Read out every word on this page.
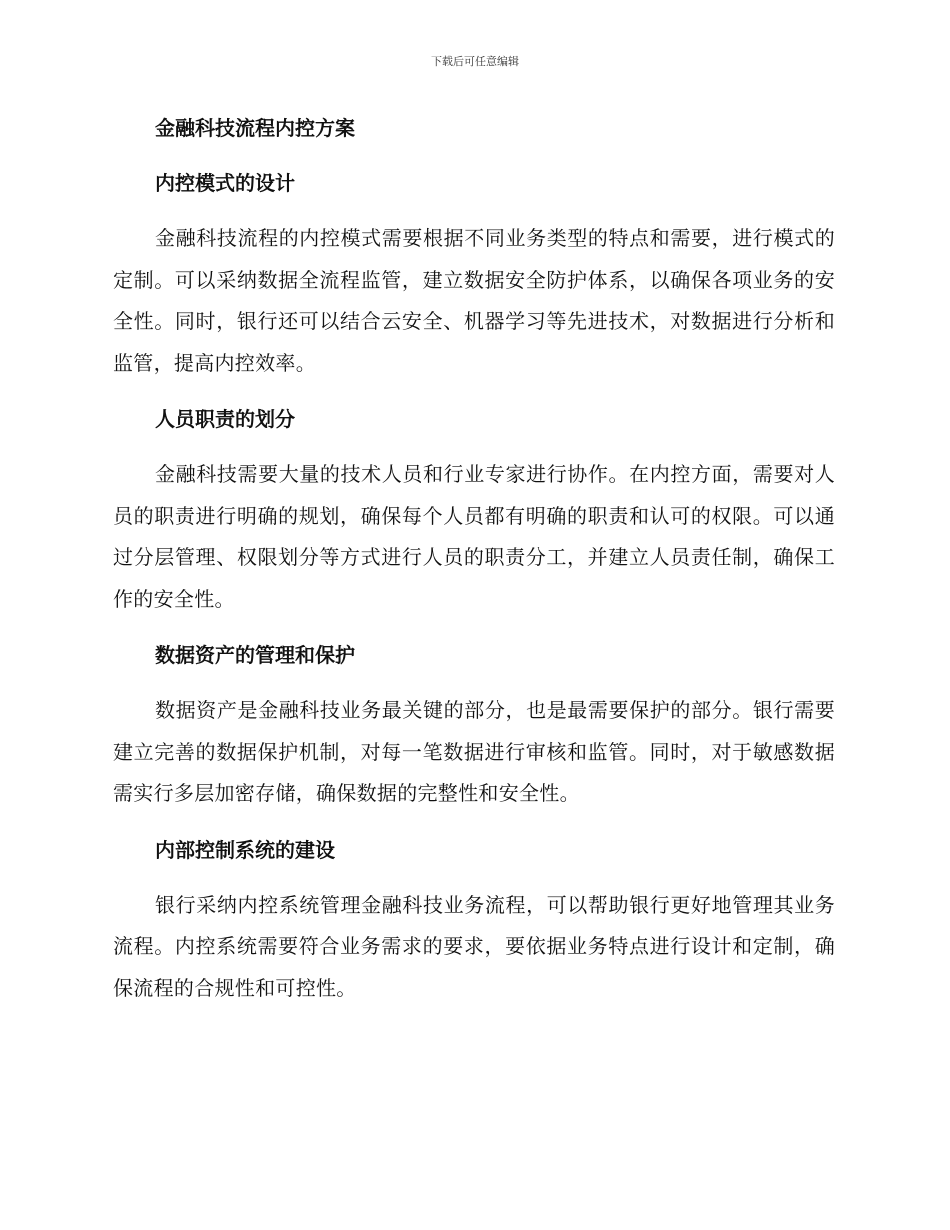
下载后可任意编辑
金融科技流程内控方案
内控模式的设计

金融科技流程的内控模式需要根据不同业务类型的特点和需要，进行模式的定制。可以采纳数据全流程监管，建立数据安全防护体系，以确保各项业务的安全性。同时，银行还可以结合云安全、机器学习等先进技术，对数据进行分析和监管，提高内控效率。

人员职责的划分

金融科技需要大量的技术人员和行业专家进行协作。在内控方面，需要对人员的职责进行明确的规划，确保每个人员都有明确的职责和认可的权限。可以通过分层管理、权限划分等方式进行人员的职责分工，并建立人员责任制，确保工作的安全性。

数据资产的管理和保护

数据资产是金融科技业务最关键的部分，也是最需要保护的部分。银行需要建立完善的数据保护机制，对每一笔数据进行审核和监管。同时，对于敏感数据需实行多层加密存储，确保数据的完整性和安全性。

内部控制系统的建设

银行采纳内控系统管理金融科技业务流程，可以帮助银行更好地管理其业务流程。内控系统需要符合业务需求的要求，要依据业务特点进行设计和定制，确保流程的合规性和可控性。
